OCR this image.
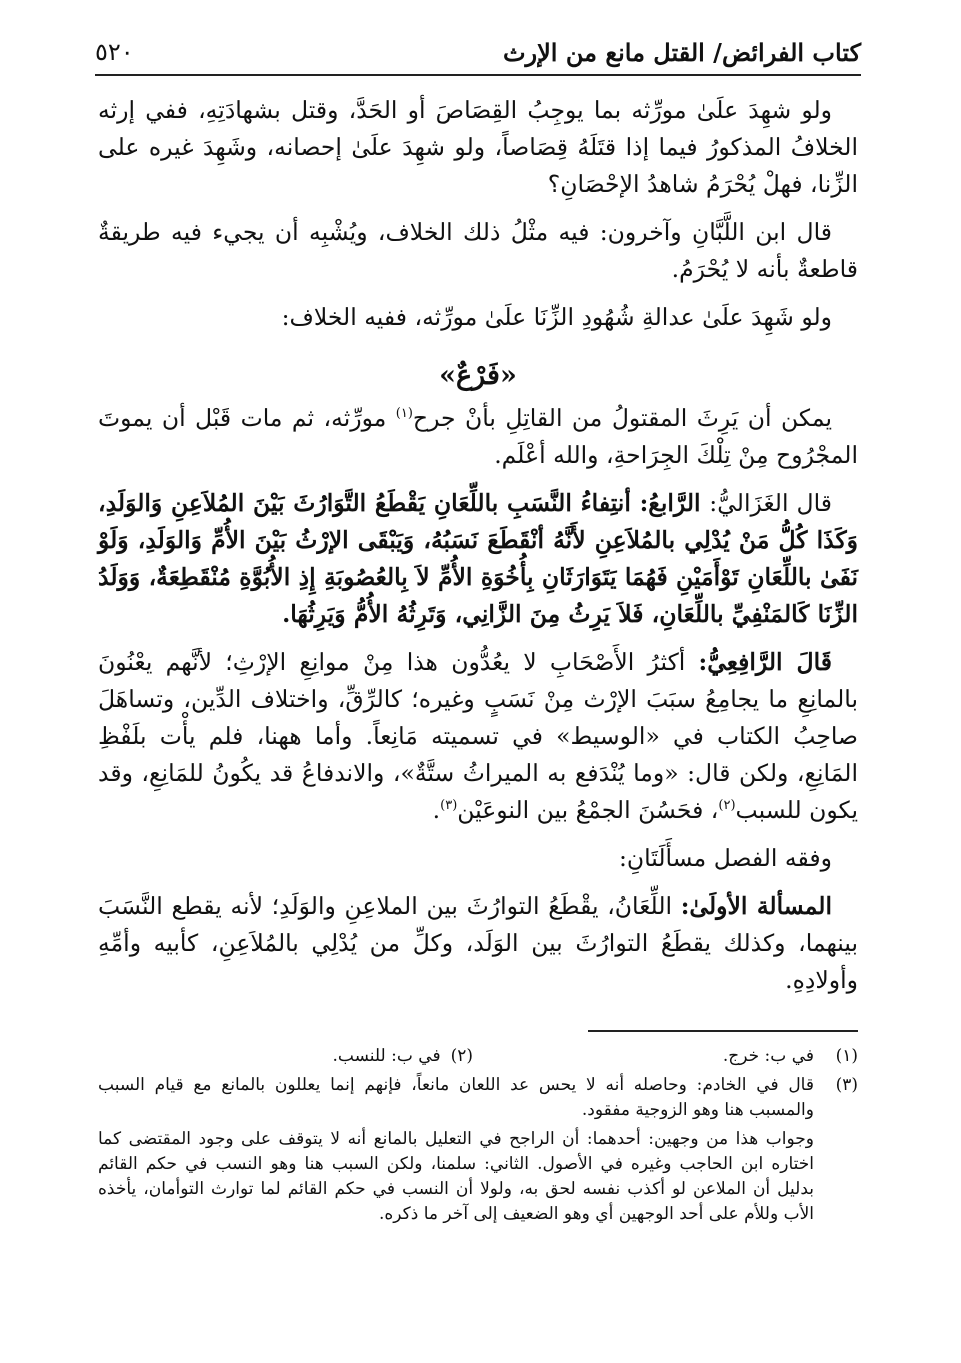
كتاب الفرائض/ القتل مانع من الإرث
٥٢٠

ولو شهِدَ علَىٰ مورِّثه بما يوجِبُ القِصَاصَ أو الحَدَّ، وقتل بشهادَتِهِ، ففي إرثه الخلافُ المذكورُ فيما إذا قتَلَهُ قِصَاصاً، ولو شهِدَ علَىٰ إحصانه، وشَهِدَ غيره على الزِّنا، فهلْ يُحْرَمُ شاهدُ الإحْصَانِ؟

قال ابن اللَّبَّانِ وآخرون: فيه مثْلُ ذلك الخلاف، ويُشْبِه أن يجيء فيه طريقةٌ قاطعةٌ بأنه لا يُحْرَمُ.

ولو شَهِدَ علَىٰ عدالةِ شُهُودِ الزِّنَا علَىٰ مورِّثه، ففيه الخلاف:

«فَرْعٌ»

يمكن أن يَرِثَ المقتولُ من القاتِلِ بأنْ جرح$^{(١)}$ مورِّثه، ثم مات قَبْل أن يموتَ المجْرُوح مِنْ تِلْكَ الجِرَاحةِ، والله أعْلَم.

قال الغَزَاليُّ: الرَّابعُ: أنتِفاءُ النَّسَبِ باللِّعَانِ يَقْطَعُ التَّوَارُثَ بَيْنَ المُلاَعِنِ وَالوَلَدِ، وَكَذَا كُلُّ مَنْ يُدْلِي بالمُلاَعِنِ لأَنَّهُ أنْقَطَعَ نَسَبُهُ، وَيَبْقَى الإرْثُ بَيْنَ الأُمِّ وَالوَلَدِ، وَلَوْ نَفَىٰ باللِّعَانِ تَوْأَمَيْنِ فَهُمَا يَتَوَارَثَانِ بِأُخُوَةِ الأُمِّ لاَ بِالعُصُوبَةِ إِذِ الأُبُوَّةِ مُنْقَطِعَةٌ، وَوَلَدُ الزِّنَا كَالمَنْفِيِّ باللِّعَانِ، فَلاَ يَرِثُ مِنَ الزَّانِي، وَتَرِثُهُ الأُمُّ وَيَرِثُهَا.

قَالَ الرَّافِعِيُّ: أكثرُ الأَصْحَابِ لا يعُدُّون هذا مِنْ موانِعِ الإرْثِ؛ لأنَّهم يعْنُونَ بالمانِعِ ما يجامِعُ سبَبَ الإرْث مِنْ نَسَبٍ وغيره؛ كالرِّقِّ، واختلاف الدِّين، وتساهَلَ صاحِبُ الكتاب في «الوسيط» في تسميته مَانِعاً. وأما ههنا، فلم يأْت بلَفْظِ المَانِعِ، ولكن قال: «وما يُنْدَفع به الميراثُ ستَّةٌ»، والاندفاعُ قد يكُونُ للمَانِعِ، وقد يكون للسبب$^{(٢)}$، فحَسُنَ الجمْعُ بين النوعَيْن$^{(٣)}$.

وفقه الفصل مسأَلَتَانِ:

المسألة الأولَىٰ: اللِّعَانُ، يقْطَعُ التوارُثَ بين الملاعِنِ والوَلَدِ؛ لأنه يقطع النَّسَبَ بينهما، وكذلك يقطَعُ التوارُثَ بين الوَلَد، وكلِّ من يُدْلِي بالمُلاَعِنِ، كأبيه وأمِّهِ وأولادِهِ.

(١)
في ب: خرج.
(٢)
في ب: للنسب.
(٣)
قال في الخادم: وحاصله أنه لا يحس عد اللعان مانعاً، فإنهم إنما يعللون بالمانع مع قيام السبب والمسبب هنا وهو الزوجية مفقود.
وجواب هذا من وجهين: أحدهما: أن الراجح في التعليل بالمانع أنه لا يتوقف على وجود المقتضى كما اختاره ابن الحاجب وغيره في الأصول. الثاني: سلمنا، ولكن السبب هنا وهو النسب في حكم القائم بدليل أن الملاعن لو أكذب نفسه لحق به، ولولا أن النسب في حكم القائم لما توارث التوأمان، يأخذه الأب وللأم على أحد الوجهين أي وهو الضعيف إلى آخر ما ذكره.
